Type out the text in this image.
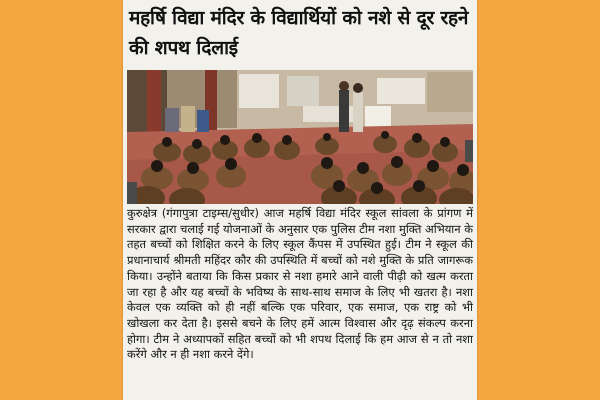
महर्षि विद्या मंदिर के विद्यार्थियों को नशे से दूर रहने की शपथ दिलाई

कुरुक्षेत्र (गंगापुत्रा टाइम्स/सुधीर) आज महर्षि विद्या मंदिर स्कूल सांवला के प्रांगण में सरकार द्वारा चलाई गई योजनाओं के अनुसार एक पुलिस टीम नशा मुक्ति अभियान के तहत बच्चों को शिक्षित करने के लिए स्कूल कैंपस में उपस्थित हुई। टीम ने स्कूल की प्रधानाचार्य श्रीमती महिंदर कौर की उपस्थिति में बच्चों को नशे मुक्ति के प्रति जागरूक किया। उन्होंने बताया कि किस प्रकार से नशा हमारे आने वाली पीढ़ी को खत्म करता जा रहा है और यह बच्चों के भविष्य के साथ-साथ समाज के लिए भी खतरा है। नशा केवल एक व्यक्ति को ही नहीं बल्कि एक परिवार, एक समाज, एक राष्ट्र को भी खोखला कर देता है। इससे बचने के लिए हमें आत्म विश्वास और दृढ़ संकल्प करना होगा। टीम ने अध्यापकों सहित बच्चों को भी शपथ दिलाई कि हम आज से न तो नशा करेंगे और न ही नशा करने देंगे।
